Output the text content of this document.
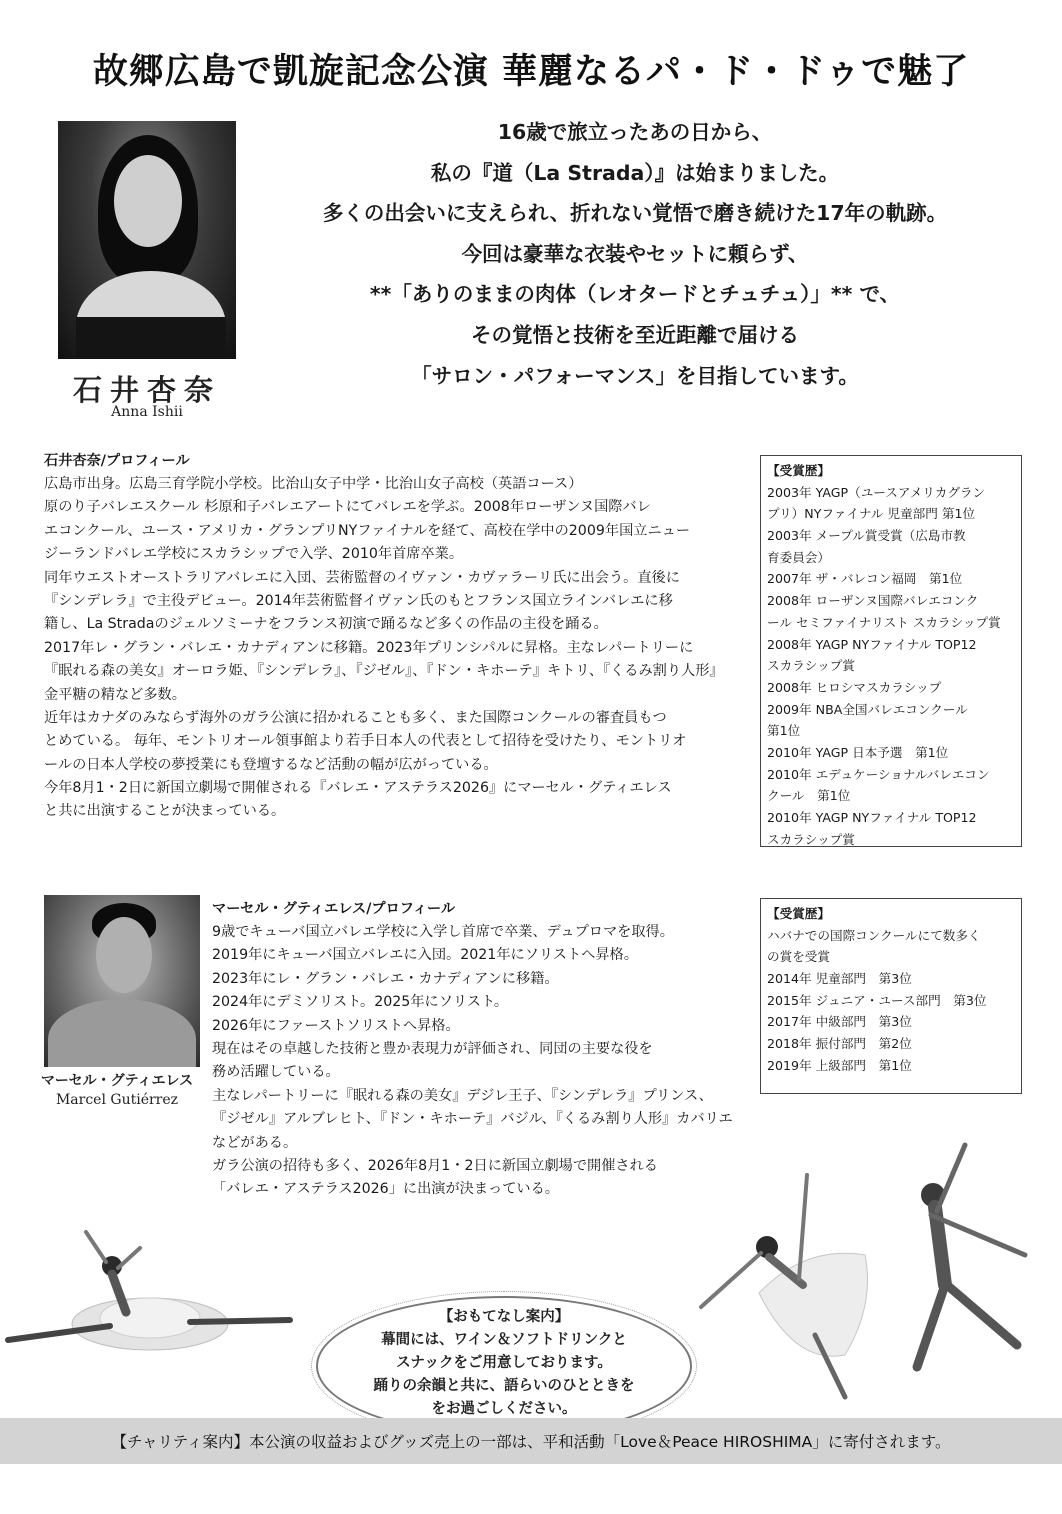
故郷広島で凱旋記念公演 華麗なるパ・ド・ドゥで魅了
石井杏奈
Anna Ishii
16歳で旅立ったあの日から、
私の『道（La Strada）』は始まりました。
多くの出会いに支えられ、折れない覚悟で磨き続けた17年の軌跡。
今回は豪華な衣装やセットに頼らず、
**「ありのままの肉体（レオタードとチュチュ）」** で、
その覚悟と技術を至近距離で届ける
「サロン・パフォーマンス」を目指しています。
石井杏奈/プロフィール
広島市出身。広島三育学院小学校。比治山女子中学・比治山女子高校（英語コース）
原のり子バレエスクール 杉原和子バレエアートにてバレエを学ぶ。2008年ローザンヌ国際バレ
エコンクール、ユース・アメリカ・グランプリNYファイナルを経て、高校在学中の2009年国立ニュー
ジーランドバレエ学校にスカラシップで入学、2010年首席卒業。
同年ウエストオーストラリアバレエに入団、芸術監督のイヴァン・カヴァラーリ氏に出会う。直後に
『シンデレラ』で主役デビュー。2014年芸術監督イヴァン氏のもとフランス国立ラインバレエに移
籍し、La Stradaのジェルソミーナをフランス初演で踊るなど多くの作品の主役を踊る。
2017年レ・グラン・バレエ・カナディアンに移籍。2023年プリンシパルに昇格。主なレパートリーに
『眠れる森の美女』オーロラ姫、『シンデレラ』、『ジゼル』、『ドン・キホーテ』キトリ、『くるみ割り人形』
金平糖の精など多数。
近年はカナダのみならず海外のガラ公演に招かれることも多く、また国際コンクールの審査員もつ
とめている。 毎年、モントリオール領事館より若手日本人の代表として招待を受けたり、モントリオ
ールの日本人学校の夢授業にも登壇するなど活動の幅が広がっている。
今年8月1・2日に新国立劇場で開催される『バレエ・アステラス2026』にマーセル・グティエレス
と共に出演することが決まっている。
【受賞歴】
2003年 YAGP（ユースアメリカグラン
プリ）NYファイナル 児童部門 第1位
2003年 メープル賞受賞（広島市教
育委員会）
2007年 ザ・バレコン福岡　第1位
2008年 ローザンヌ国際バレエコンク
ール セミファイナリスト スカラシップ賞
2008年 YAGP NYファイナル TOP12
スカラシップ賞
2008年 ヒロシマスカラシップ
2009年 NBA全国バレエコンクール
第1位
2010年 YAGP 日本予選　第1位
2010年 エデュケーショナルバレエコン
クール　第1位
2010年 YAGP NYファイナル TOP12
スカラシップ賞
マーセル・グティエレス
Marcel Gutiérrez
マーセル・グティエレス/プロフィール
9歳でキューバ国立バレエ学校に入学し首席で卒業、デュプロマを取得。
2019年にキューバ国立バレエに入団。2021年にソリストへ昇格。
2023年にレ・グラン・バレエ・カナディアンに移籍。
2024年にデミソリスト。2025年にソリスト。
2026年にファーストソリストへ昇格。
現在はその卓越した技術と豊か表現力が評価され、同団の主要な役を
務め活躍している。
主なレパートリーに『眠れる森の美女』デジレ王子、『シンデレラ』プリンス、
『ジゼル』アルブレヒト、『ドン・キホーテ』バジル、『くるみ割り人形』カバリエ
などがある。
ガラ公演の招待も多く、2026年8月1・2日に新国立劇場で開催される
「バレエ・アステラス2026」に出演が決まっている。
【受賞歴】
ハバナでの国際コンクールにて数多く
の賞を受賞
2014年 児童部門　第3位
2015年 ジュニア・ユース部門　第3位
2017年 中級部門　第3位
2018年 振付部門　第2位
2019年 上級部門　第1位
【おもてなし案内】
幕間には、ワイン＆ソフトドリンクと
スナックをご用意しております。
踊りの余韻と共に、語らいのひとときを
をお過ごしください。
【チャリティ案内】本公演の収益およびグッズ売上の一部は、平和活動「Love＆Peace HIROSHIMA」に寄付されます。
